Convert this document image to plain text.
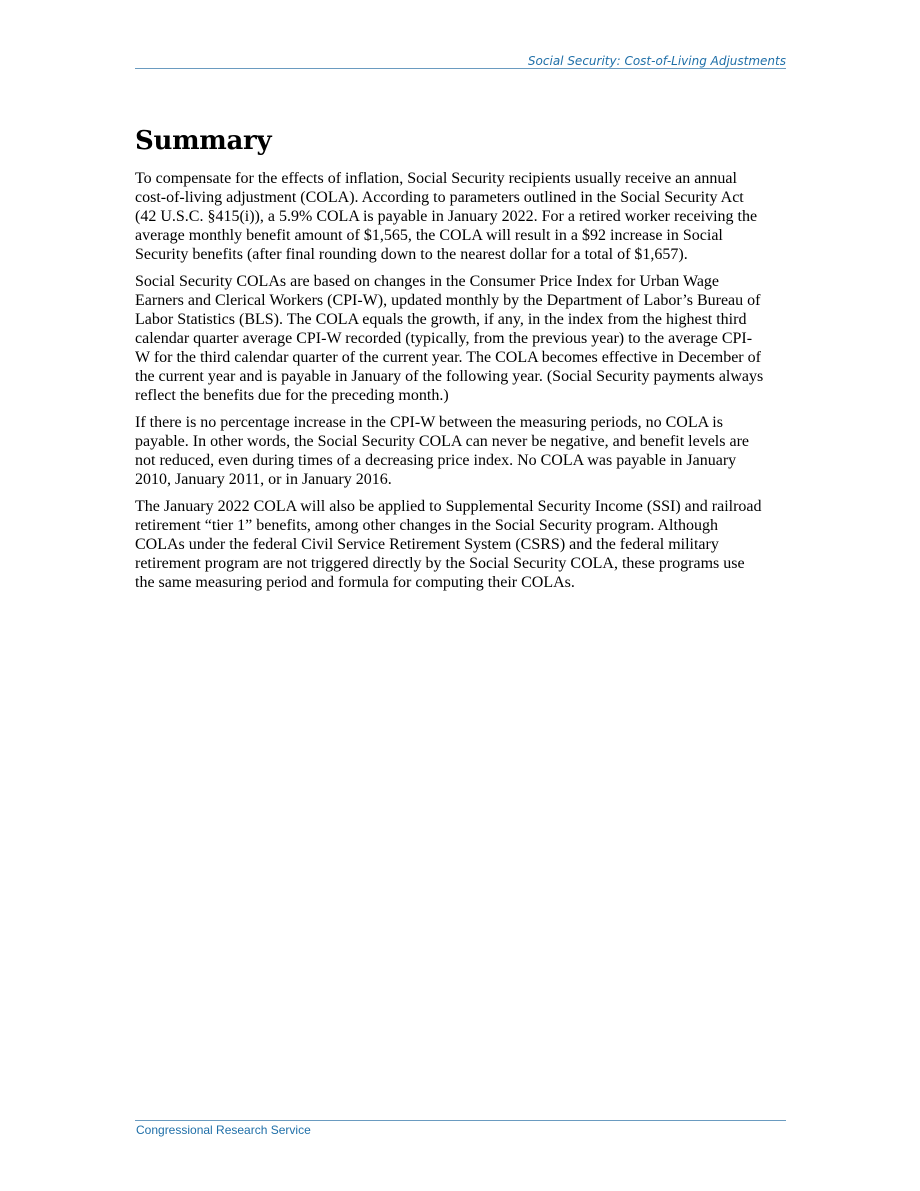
Social Security: Cost-of-Living Adjustments
Summary

To compensate for the effects of inflation, Social Security recipients usually receive an annual
cost-of-living adjustment (COLA). According to parameters outlined in the Social Security Act
(42 U.S.C. §415(i)), a 5.9% COLA is payable in January 2022. For a retired worker receiving the
average monthly benefit amount of $1,565, the COLA will result in a $92 increase in Social
Security benefits (after final rounding down to the nearest dollar for a total of $1,657).

Social Security COLAs are based on changes in the Consumer Price Index for Urban Wage
Earners and Clerical Workers (CPI-W), updated monthly by the Department of Labor’s Bureau of
Labor Statistics (BLS). The COLA equals the growth, if any, in the index from the highest third
calendar quarter average CPI-W recorded (typically, from the previous year) to the average CPI-
W for the third calendar quarter of the current year. The COLA becomes effective in December of
the current year and is payable in January of the following year. (Social Security payments always
reflect the benefits due for the preceding month.)

If there is no percentage increase in the CPI-W between the measuring periods, no COLA is
payable. In other words, the Social Security COLA can never be negative, and benefit levels are
not reduced, even during times of a decreasing price index. No COLA was payable in January
2010, January 2011, or in January 2016.

The January 2022 COLA will also be applied to Supplemental Security Income (SSI) and railroad
retirement “tier 1” benefits, among other changes in the Social Security program. Although
COLAs under the federal Civil Service Retirement System (CSRS) and the federal military
retirement program are not triggered directly by the Social Security COLA, these programs use
the same measuring period and formula for computing their COLAs.

Congressional Research Service
